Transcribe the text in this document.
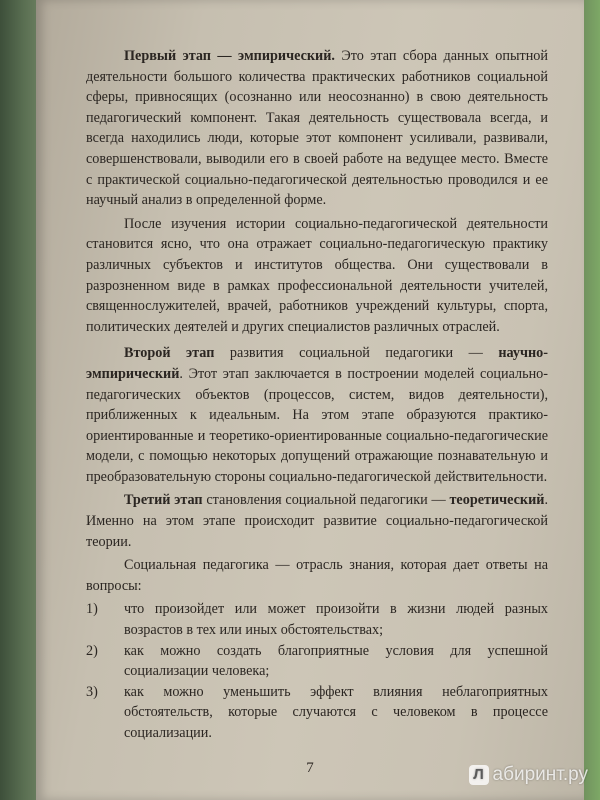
Первый этап — эмпирический. Это этап сбора данных опытной деятельности большого количества практических работников социальной сферы, привносящих (осознанно или неосознанно) в свою деятельность педагогический компонент. Такая деятельность существовала всегда, и всегда находились люди, которые этот компонент усиливали, развивали, совершенствовали, выводили его в своей работе на ведущее место. Вместе с практической социально-педагогической деятельностью проводился и ее научный анализ в определенной форме.

После изучения истории социально-педагогической деятельности становится ясно, что она отражает социально-педагогическую практику различных субъектов и институтов общества. Они существовали в разрозненном виде в рамках профессиональной деятельности учителей, священнослужителей, врачей, работников учреждений культуры, спорта, политических деятелей и других специалистов различных отраслей.

Второй этап развития социальной педагогики — научно-эмпирический. Этот этап заключается в построении моделей социально-педагогических объектов (процессов, систем, видов деятельности), приближенных к идеальным. На этом этапе образуются практико-ориентированные и теоретико-ориентированные социально-педагогические модели, с помощью некоторых допущений отражающие познавательную и преобразовательную стороны социально-педагогической действительности.

Третий этап становления социальной педагогики — теоретический. Именно на этом этапе происходит развитие социально-педагогической теории.

Социальная педагогика — отрасль знания, которая дает ответы на вопросы:

1) что произойдет или может произойти в жизни людей разных возрастов в тех или иных обстоятельствах;
2) как можно создать благоприятные условия для успешной социализации человека;
3) как можно уменьшить эффект влияния неблагоприятных обстоятельств, которые случаются с человеком в процессе социализации.
7	Л абиринт.ру
